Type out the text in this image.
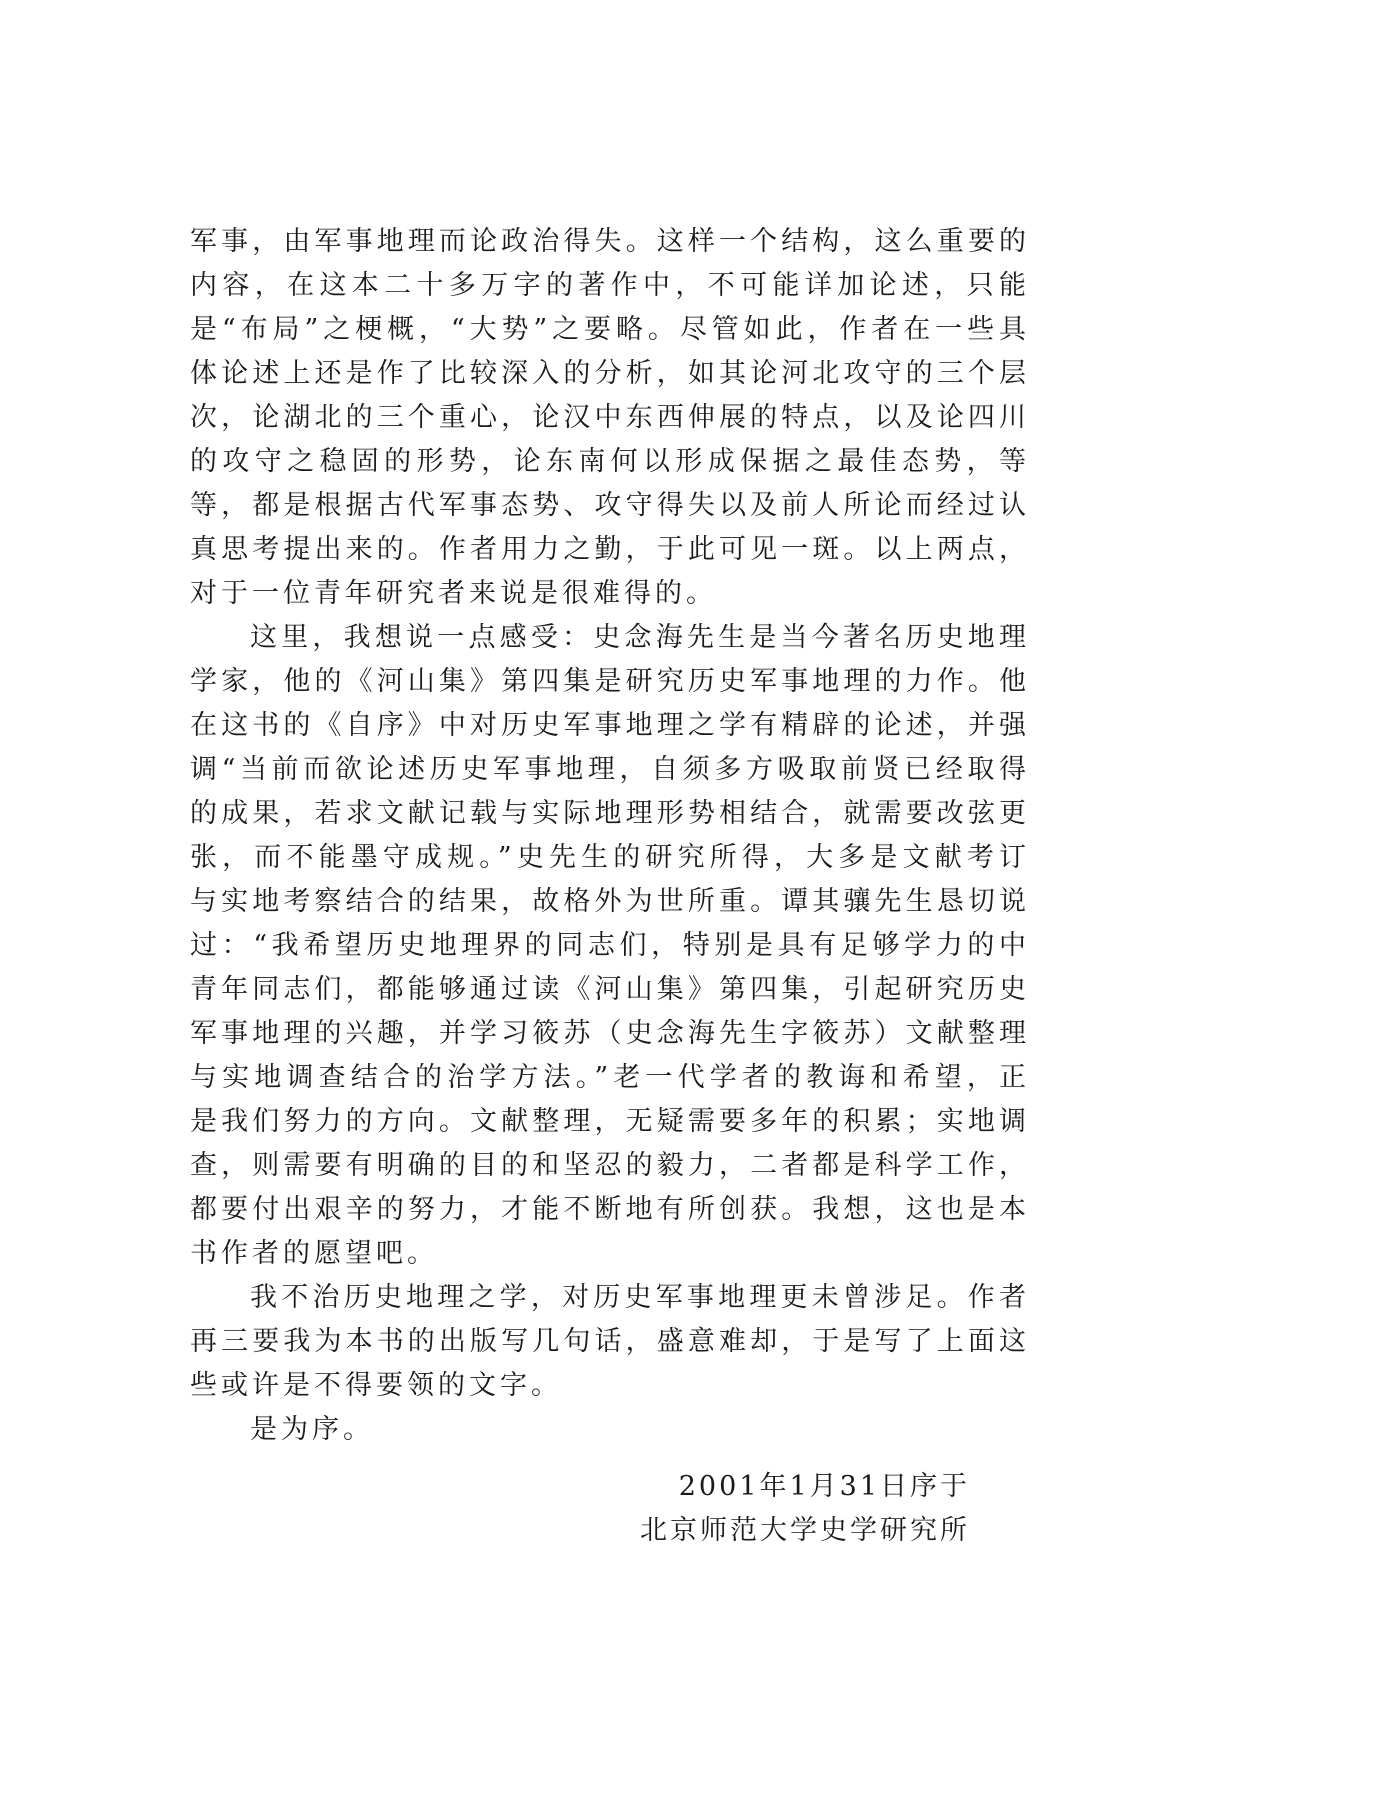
军事，由军事地理而论政治得失。这样一个结构，这么重要的内容，在这本二十多万字的著作中，不可能详加论述，只能是“布局”之梗概，“大势”之要略。尽管如此，作者在一些具体论述上还是作了比较深入的分析，如其论河北攻守的三个层次，论湖北的三个重心，论汉中东西伸展的特点，以及论四川的攻守之稳固的形势，论东南何以形成保据之最佳态势，等等，都是根据古代军事态势、攻守得失以及前人所论而经过认真思考提出来的。作者用力之勤，于此可见一斑。以上两点，对于一位青年研究者来说是很难得的。

这里，我想说一点感受：史念海先生是当今著名历史地理学家，他的《河山集》第四集是研究历史军事地理的力作。他在这书的《自序》中对历史军事地理之学有精辟的论述，并强调“当前而欲论述历史军事地理，自须多方吸取前贤已经取得的成果，若求文献记载与实际地理形势相结合，就需要改弦更张，而不能墨守成规。”史先生的研究所得，大多是文献考订与实地考察结合的结果，故格外为世所重。谭其骧先生恳切说过：“我希望历史地理界的同志们，特别是具有足够学力的中青年同志们，都能够通过读《河山集》第四集，引起研究历史军事地理的兴趣，并学习筱苏（史念海先生字筱苏）文献整理与实地调查结合的治学方法。”老一代学者的教诲和希望，正是我们努力的方向。文献整理，无疑需要多年的积累；实地调查，则需要有明确的目的和坚忍的毅力，二者都是科学工作，都要付出艰辛的努力，才能不断地有所创获。我想，这也是本书作者的愿望吧。

我不治历史地理之学，对历史军事地理更未曾涉足。作者再三要我为本书的出版写几句话，盛意难却，于是写了上面这些或许是不得要领的文字。

是为序。

2001年1月31日序于
北京师范大学史学研究所
